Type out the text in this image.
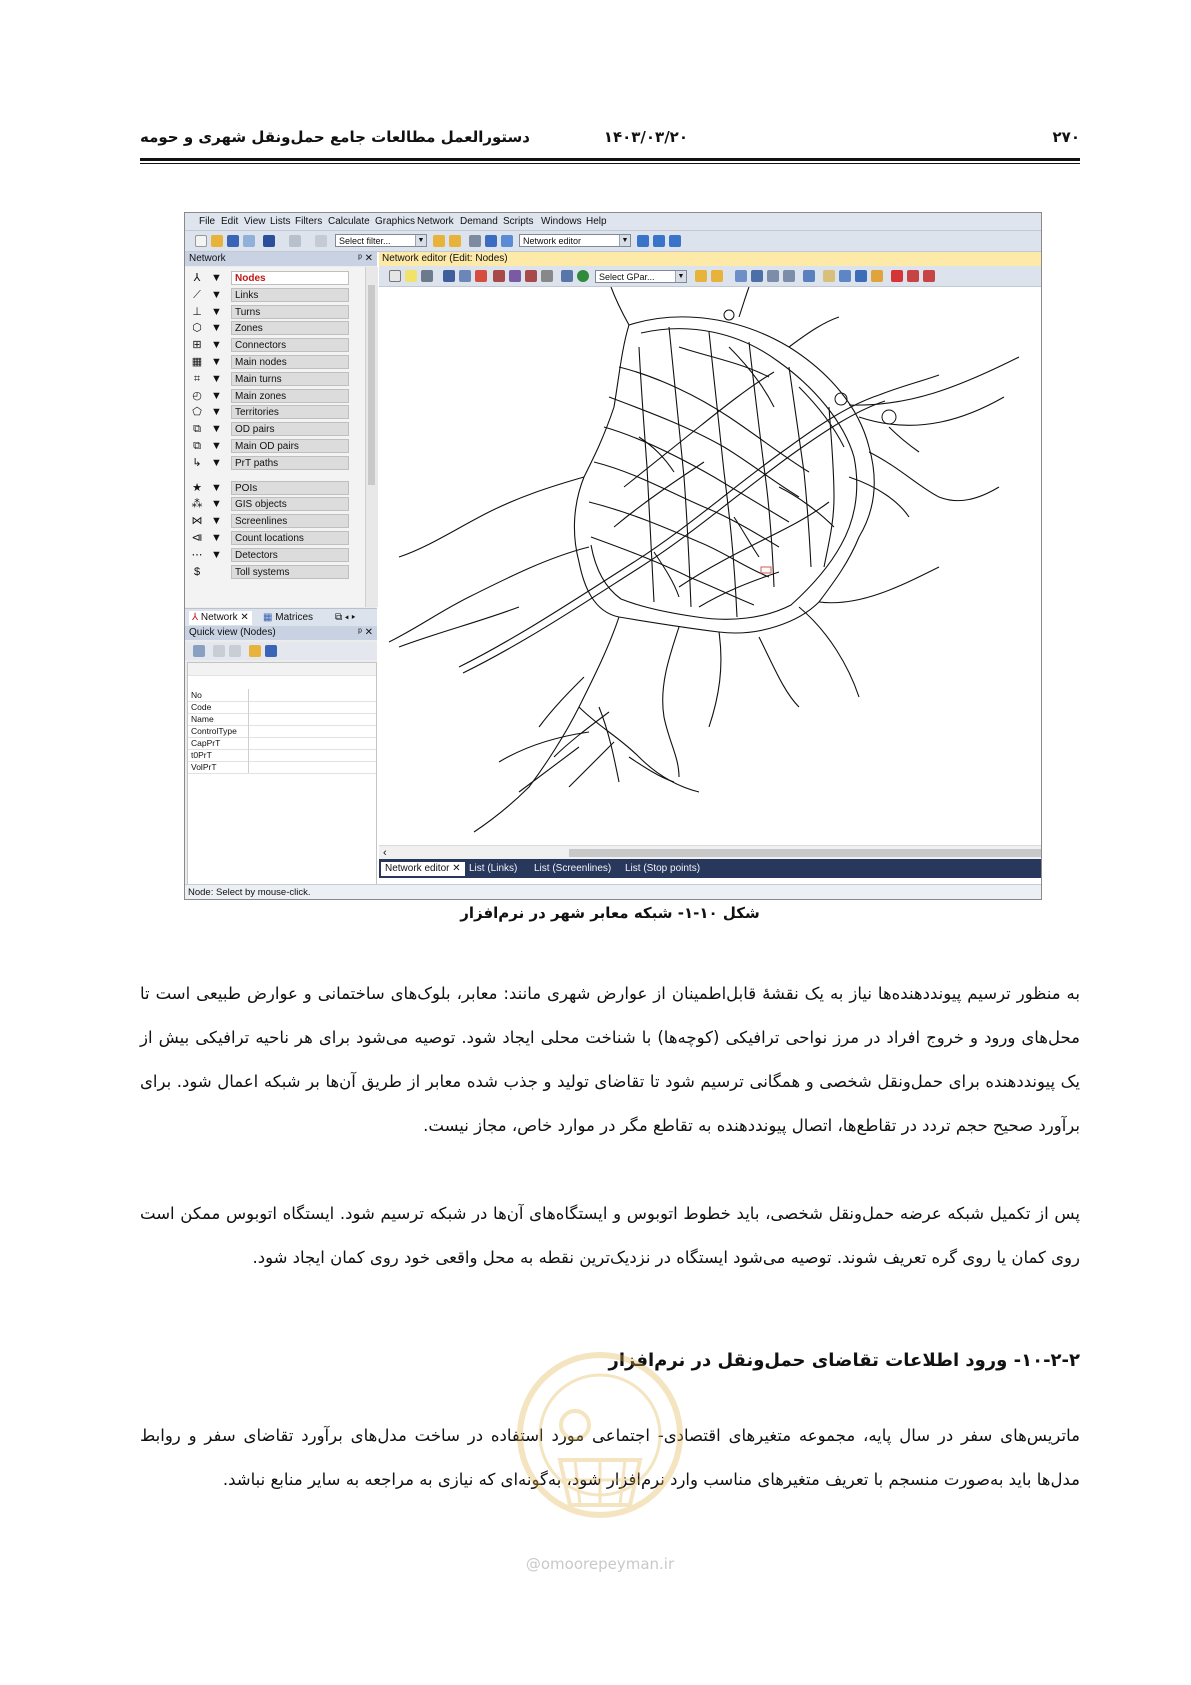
۲۷۰
۱۴۰۳/۰۳/۲۰
دستورالعمل مطالعات جامع حمل‌ونقل شهری و حومه
File Edit View Lists Filters Calculate Graphics Network Demand Scripts Windows Help
Select filter...	▼	Network editor	▼
Network	ᵖ ✕
⅄ ▼	Nodes
⟋ ▼	Links
⊥ ▼	Turns
⬡ ▼	Zones
⊞ ▼	Connectors
▦ ▼	Main nodes
⌗ ▼	Main turns
◴ ▼	Main zones
⬠ ▼	Territories
⧉ ▼	OD pairs
⧉ ▼	Main OD pairs
↳ ▼	PrT paths
★ ▼	POIs
⁂ ▼	GIS objects
⋈ ▼	Screenlines
⧏ ▼	Count locations
⋯ ▼	Detectors
$	Toll systems
⅄ Network ✕	▦ Matrices ⧉ ◂ ▸
Quick view (Nodes)	ᵖ ✕
No
Code
Name
ControlType
CapPrT
t0PrT
VolPrT
Network editor (Edit: Nodes)
Select GPar...	▼
‹
Network editor ✕ List (Links) List (Screenlines) List (Stop points)
Node: Select by mouse-click.
شکل ۱۰-۱- شبکه معابر شهر در نرم‌افزار

به منظور ترسیم پیونددهنده‌ها نیاز به یک نقشهٔ قابل‌اطمینان از عوارض شهری مانند: معابر، بلوک‌های ساختمانی و عوارض طبیعی است تا محل‌های ورود و خروج افراد در مرز نواحی ترافیکی (کوچه‌ها) با شناخت محلی ایجاد شود. توصیه می‌شود برای هر ناحیه ترافیکی بیش از یک پیونددهنده برای حمل‌ونقل شخصی و همگانی ترسیم شود تا تقاضای تولید و جذب شده معابر از طریق آن‌ها بر شبکه اعمال شود. برای برآورد صحیح حجم تردد در تقاطع‌ها، اتصال پیونددهنده به تقاطع مگر در موارد خاص، مجاز نیست.

پس از تکمیل شبکه عرضه حمل‌ونقل شخصی، باید خطوط اتوبوس و ایستگاه‌های آن‌ها در شبکه ترسیم شود. ایستگاه اتوبوس ممکن است روی کمان یا روی گره تعریف شوند. توصیه می‌شود ایستگاه در نزدیک‌ترین نقطه به محل واقعی خود روی کمان ایجاد شود.

۱۰-۲-۲- ورود اطلاعات تقاضای حمل‌ونقل در نرم‌افزار

ماتریس‌های سفر در سال پایه، مجموعه متغیرهای اقتصادی- اجتماعی مورد استفاده در ساخت مدل‌های برآورد تقاضای سفر و روابط مدل‌ها باید به‌صورت منسجم با تعریف متغیرهای مناسب وارد نرم‌افزار شود، به‌گونه‌ای که نیازی به مراجعه به سایر منابع نباشد.

@omoorepeyman.ir
